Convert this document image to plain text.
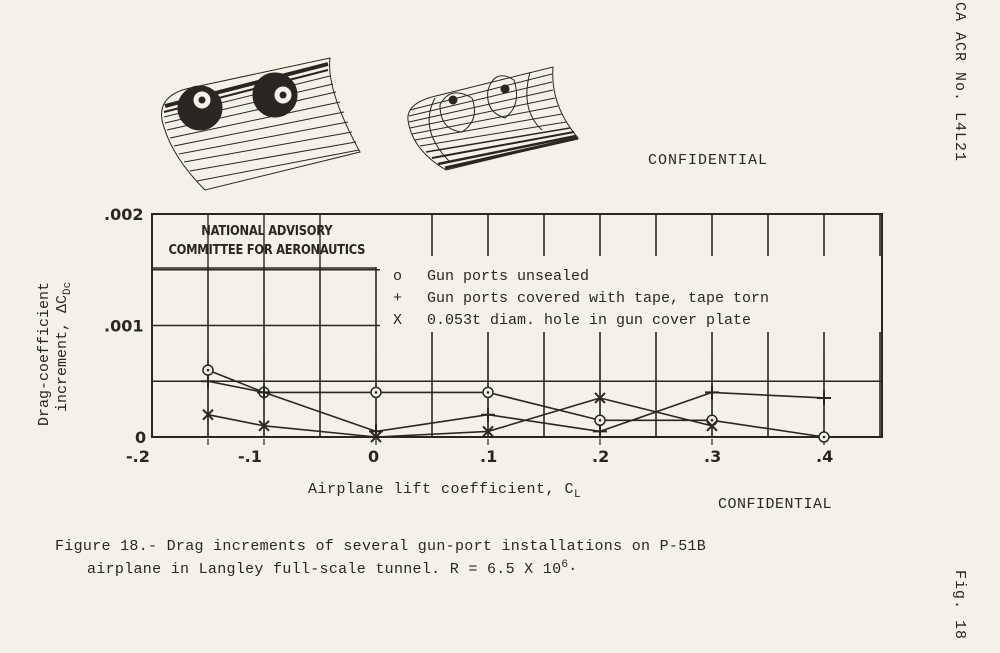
CONFIDENTIAL	CA ACR No. L4L21
Fig. 18
Drag-coefficient increment, $\Delta C_{Dc}$
0
.001
.002
-.2	-.1	0	.1	.2	.3	.4
NATIONAL ADVISORY
COMMITTEE FOR AERONAUTICS
o Gun ports unsealed
+ Gun ports covered with tape, tape torn
X 0.053t diam. hole in gun cover plate
Airplane lift coefficient, $C_L$
CONFIDENTIAL
Figure 18.- Drag increments of several gun-port installations on P-51B
airplane in Langley full-scale tunnel. R = 6.5 X $10^6\cdot$
